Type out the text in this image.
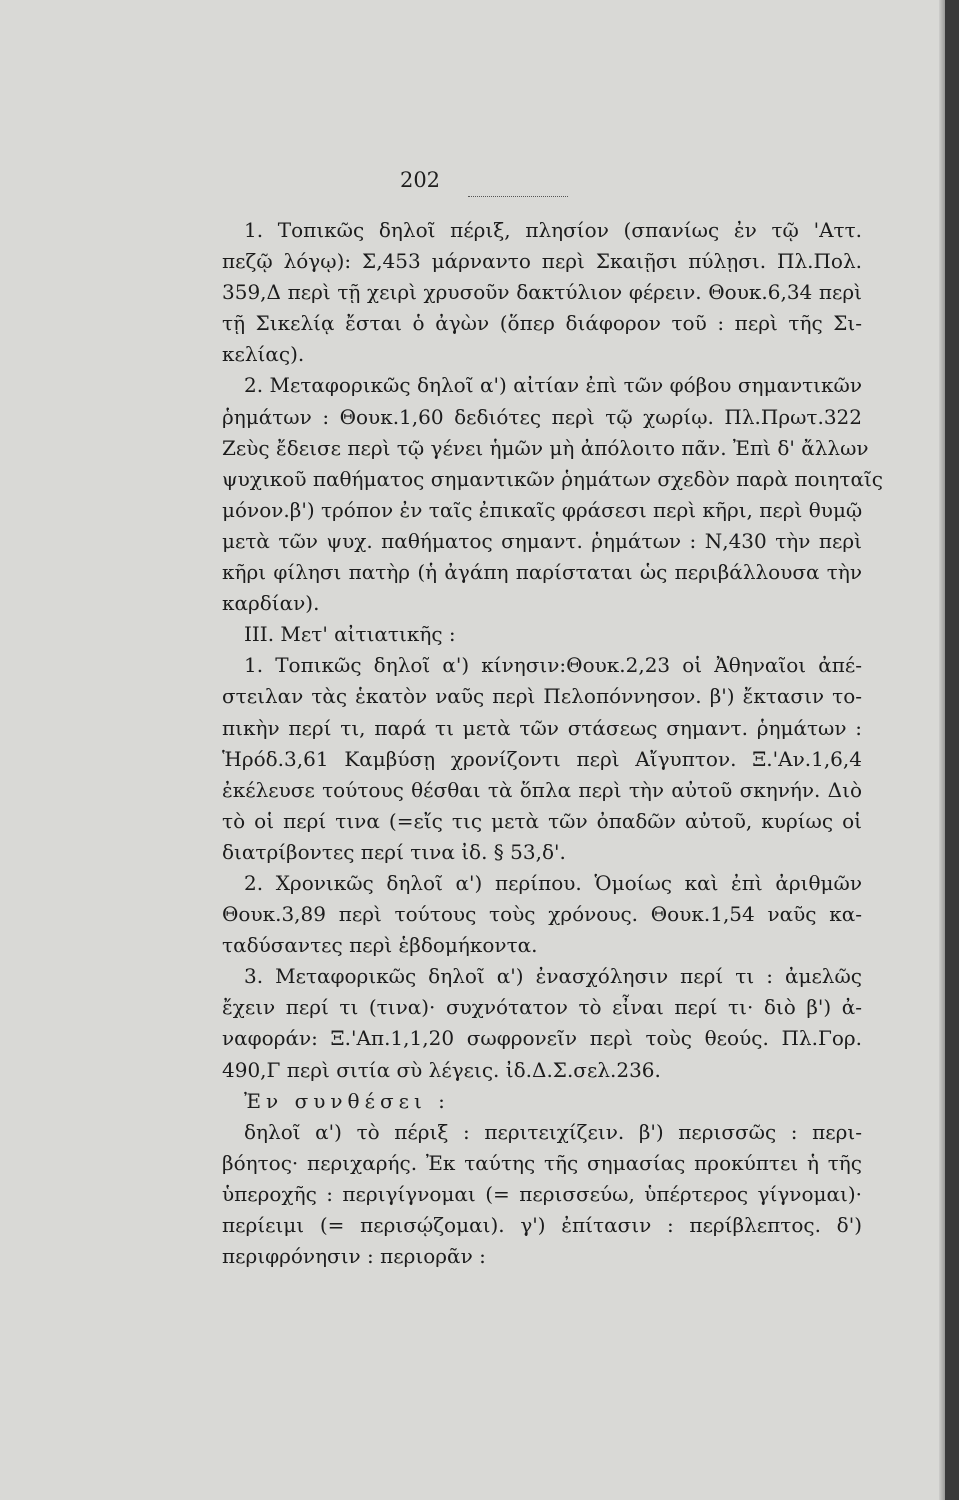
202
1. Τοπικῶς δηλοῖ πέριξ, πλησίον (σπανίως ἐν τῷ 'Αττ.
πεζῷ λόγῳ): Σ,453 μάρναντο περὶ Σκαιῇσι πύλῃσι. Πλ.Πολ.
359,Δ περὶ τῇ χειρὶ χρυσοῦν δακτύλιον φέρειν. Θουκ.6,34 περὶ
τῇ Σικελίᾳ ἔσται ὁ ἀγὼν (ὅπερ διάφορον τοῦ : περὶ τῆς Σι-
κελίας).
2. Μεταφορικῶς δηλοῖ α') αἰτίαν ἐπὶ τῶν φόβου σημαντικῶν
ῥημάτων : Θουκ.1,60 δεδιότες περὶ τῷ χωρίῳ. Πλ.Πρωτ.322
Ζεὺς ἔδεισε περὶ τῷ γένει ἡμῶν μὴ ἀπόλοιτο πᾶν. Ἐπὶ δ' ἄλλων
ψυχικοῦ παθήματος σημαντικῶν ῥημάτων σχεδὸν παρὰ ποιηταῖς
μόνον.β') τρόπον ἐν ταῖς ἐπικαῖς φράσεσι περὶ κῆρι, περὶ θυμῷ
μετὰ τῶν ψυχ. παθήματος σημαντ. ῥημάτων : Ν,430 τὴν περὶ
κῆρι φίλησι πατὴρ (ἡ ἀγάπη παρίσταται ὡς περιβάλλουσα τὴν
καρδίαν).
ΙΙΙ. Μετ' αἰτιατικῆς :
1. Τοπικῶς δηλοῖ α') κίνησιν:Θουκ.2,23 οἱ Ἀθηναῖοι ἀπέ-
στειλαν τὰς ἑκατὸν ναῦς περὶ Πελοπόννησον. β') ἔκτασιν το-
πικὴν περί τι, παρά τι μετὰ τῶν στάσεως σημαντ. ῥημάτων :
Ἡρόδ.3,61 Καμβύσῃ χρονίζοντι περὶ Αἴγυπτον. Ξ.'Αν.1,6,4
ἐκέλευσε τούτους θέσθαι τὰ ὅπλα περὶ τὴν αὐτοῦ σκηνήν. Διὸ
τὸ οἱ περί τινα (=εἴς τις μετὰ τῶν ὀπαδῶν αὐτοῦ, κυρίως οἱ
διατρίβοντες περί τινα ἰδ. § 53,δ'.
2. Χρονικῶς δηλοῖ α') περίπου. Ὁμοίως καὶ ἐπὶ ἀριθμῶν
Θουκ.3,89 περὶ τούτους τοὺς χρόνους. Θουκ.1,54 ναῦς κα-
ταδύσαντες περὶ ἑβδομήκοντα.
3. Μεταφορικῶς δηλοῖ α') ἐνασχόλησιν περί τι : ἀμελῶς
ἔχειν περί τι (τινα)· συχνότατον τὸ εἶναι περί τι· διὸ β') ἀ-
ναφοράν: Ξ.'Απ.1,1,20 σωφρονεῖν περὶ τοὺς θεούς. Πλ.Γορ.
490,Γ περὶ σιτία σὺ λέγεις. ἰδ.Δ.Σ.σελ.236.
Ἐν συνθέσει :
δηλοῖ α') τὸ πέριξ : περιτειχίζειν. β') περισσῶς : περι-
βόητος· περιχαρής. Ἐκ ταύτης τῆς σημασίας προκύπτει ἡ τῆς
ὑπεροχῆς : περιγίγνομαι (= περισσεύω, ὑπέρτερος γίγνομαι)·
περίειμι (= περισῴζομαι). γ') ἐπίτασιν : περίβλεπτος. δ')
περιφρόνησιν : περιορᾶν :
